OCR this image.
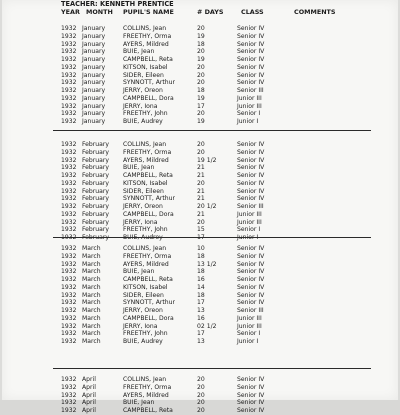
TEACHER: KENNETH PRENTICE
YEAR MONTH PUPIL'S NAME	# DAYS	CLASS	COMMENTS
1932 January	COLLINS, Jean	20	Senior IV
1932 January	FREETHY, Orma	19	Senior IV
1932 January	AYERS, Mildred	18	Senior IV
1932 January	BUIE, Jean	20	Senior IV
1932 January	CAMPBELL, Reta	19	Senior IV
1932 January	KITSON, Isabel	20	Senior IV
1932 January	SIDER, Eileen	20	Senior IV
1932 January	SYNNOTT, Arthur	20	Senior IV
1932 January	JERRY, Oreon	18	Senior III
1932 January	CAMPBELL, Dora	19	Junior III
1932 January	JERRY, Iona	17	Junior III
1932 January	FREETHY, John	20	Senior I
1932 January	BUIE, Audrey	19	Junior I
1932 February COLLINS, Jean	20	Senior IV
1932 February FREETHY, Orma	20	Senior IV
1932 February AYERS, Mildred	19 1/2	Senior IV
1932 February BUIE, Jean	21	Senior IV
1932 February CAMPBELL, Reta	21	Senior IV
1932 February KITSON, Isabel	20	Senior IV
1932 February SIDER, Eileen	21	Senior IV
1932 February SYNNOTT, Arthur	21	Senior IV
1932 February JERRY, Oreon	20 1/2	Senior III
1932 February CAMPBELL, Dora	21	Junior III
1932 February JERRY, Iona	20	Junior III
1932 February FREETHY, John	15	Senior I
1932 February BUIE, Audrey	17	Junior I
1932 March	COLLINS, Jean	10	Senior IV
1932 March	FREETHY, Orma	18	Senior IV
1932 March	AYERS, Mildred	13 1/2	Senior IV
1932 March	BUIE, Jean	18	Senior IV
1932 March	CAMPBELL, Reta	16	Senior IV
1932 March	KITSON, Isabel	14	Senior IV
1932 March	SIDER, Eileen	18	Senior IV
1932 March	SYNNOTT, Arthur	17	Senior IV
1932 March	JERRY, Oreon	13	Senior III
1932 March	CAMPBELL, Dora	16	Junior III
1932 March	JERRY, Iona	02 1/2	Junior III
1932 March	FREETHY, John	17	Senior I
1932 March	BUIE, Audrey	13	Junior I
1932 April	COLLINS, Jean	20	Senior IV
1932 April	FREETHY, Orma	20	Senior IV
1932 April	AYERS, Mildred	20	Senior IV
1932 April	BUIE, Jean	20	Senior IV
1932 April	CAMPBELL, Reta	20	Senior IV
